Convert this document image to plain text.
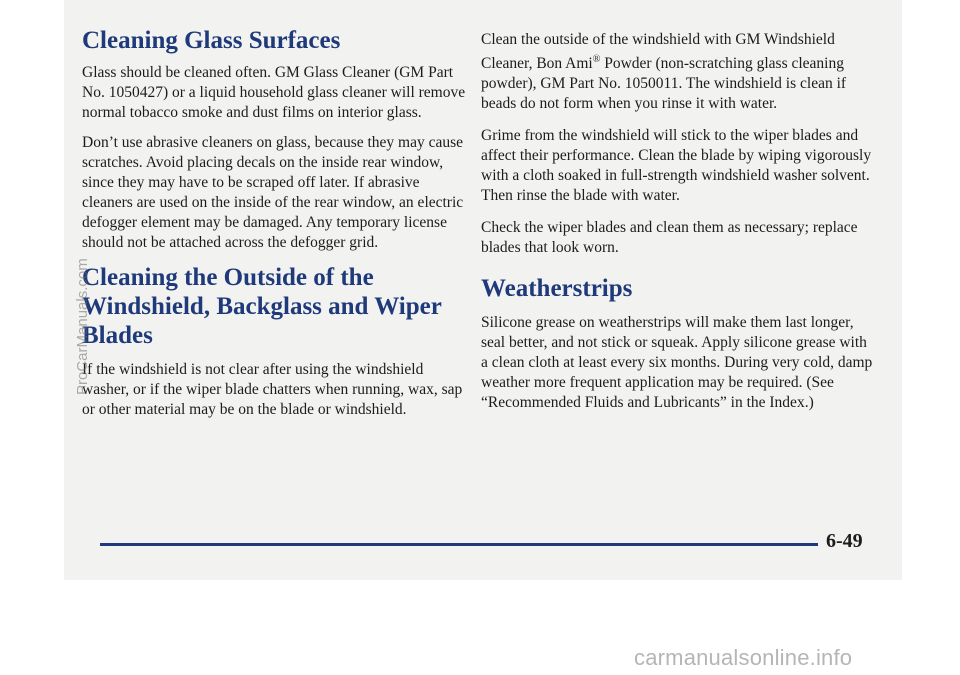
Cleaning Glass Surfaces

Glass should be cleaned often. GM Glass Cleaner (GM Part No. 1050427) or a liquid household glass cleaner will remove normal tobacco smoke and dust films on interior glass.

Don’t use abrasive cleaners on glass, because they may cause scratches. Avoid placing decals on the inside rear window, since they may have to be scraped off later. If abrasive cleaners are used on the inside of the rear window, an electric defogger element may be damaged. Any temporary license should not be attached across the defogger grid.

Cleaning the Outside of the Windshield, Backglass and Wiper Blades

If the windshield is not clear after using the windshield washer, or if the wiper blade chatters when running, wax, sap or other material may be on the blade or windshield.

Clean the outside of the windshield with GM Windshield Cleaner, Bon Ami® Powder (non-scratching glass cleaning powder), GM Part No. 1050011. The windshield is clean if beads do not form when you rinse it with water.

Grime from the windshield will stick to the wiper blades and affect their performance. Clean the blade by wiping vigorously with a cloth soaked in full-strength windshield washer solvent. Then rinse the blade with water.

Check the wiper blades and clean them as necessary; replace blades that look worn.

Weatherstrips

Silicone grease on weatherstrips will make them last longer, seal better, and not stick or squeak. Apply silicone grease with a clean cloth at least every six months. During very cold, damp weather more frequent application may be required. (See “Recommended Fluids and Lubricants” in the Index.)

6-49
ProCarManuals.com
carmanualsonline.info
